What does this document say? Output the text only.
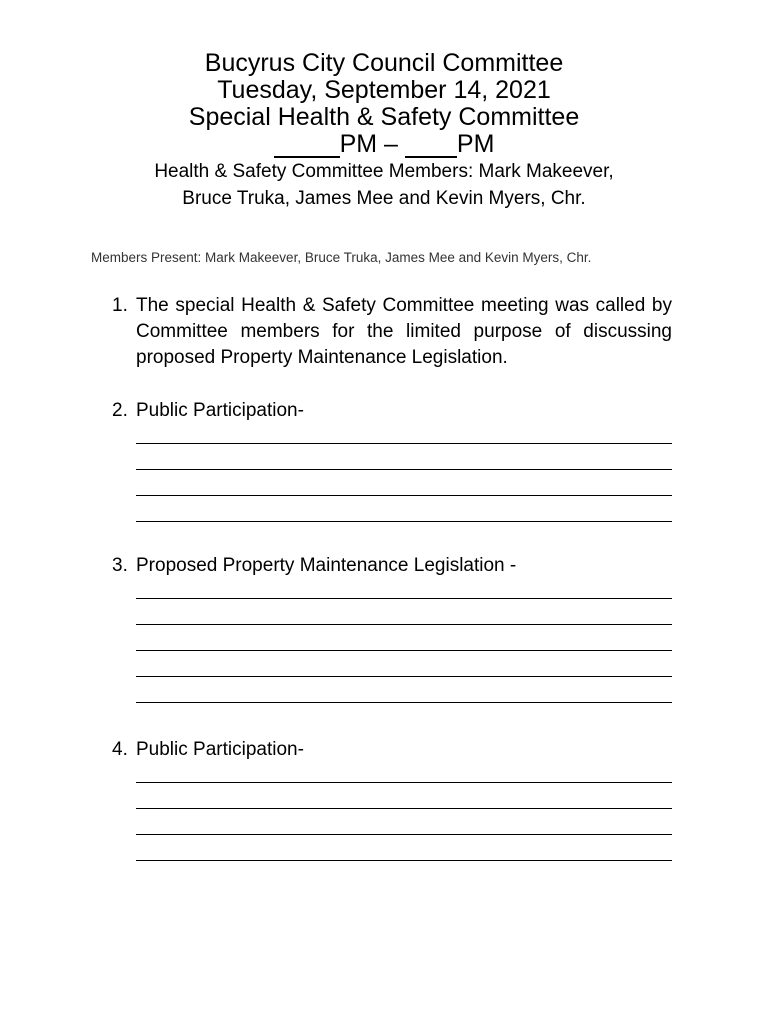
Bucyrus City Council Committee

Tuesday, September 14, 2021

Special Health & Safety Committee

PM – PM

Health & Safety Committee Members: Mark Makeever,

Bruce Truka, James Mee and Kevin Myers, Chr.

Members Present: Mark Makeever, Bruce Truka, James Mee and Kevin Myers, Chr.
1. The special Health & Safety Committee meeting was called by Committee members for the limited purpose of discussing proposed Property Maintenance Legislation.

2. Public Participation-

3. Proposed Property Maintenance Legislation -

4. Public Participation-
